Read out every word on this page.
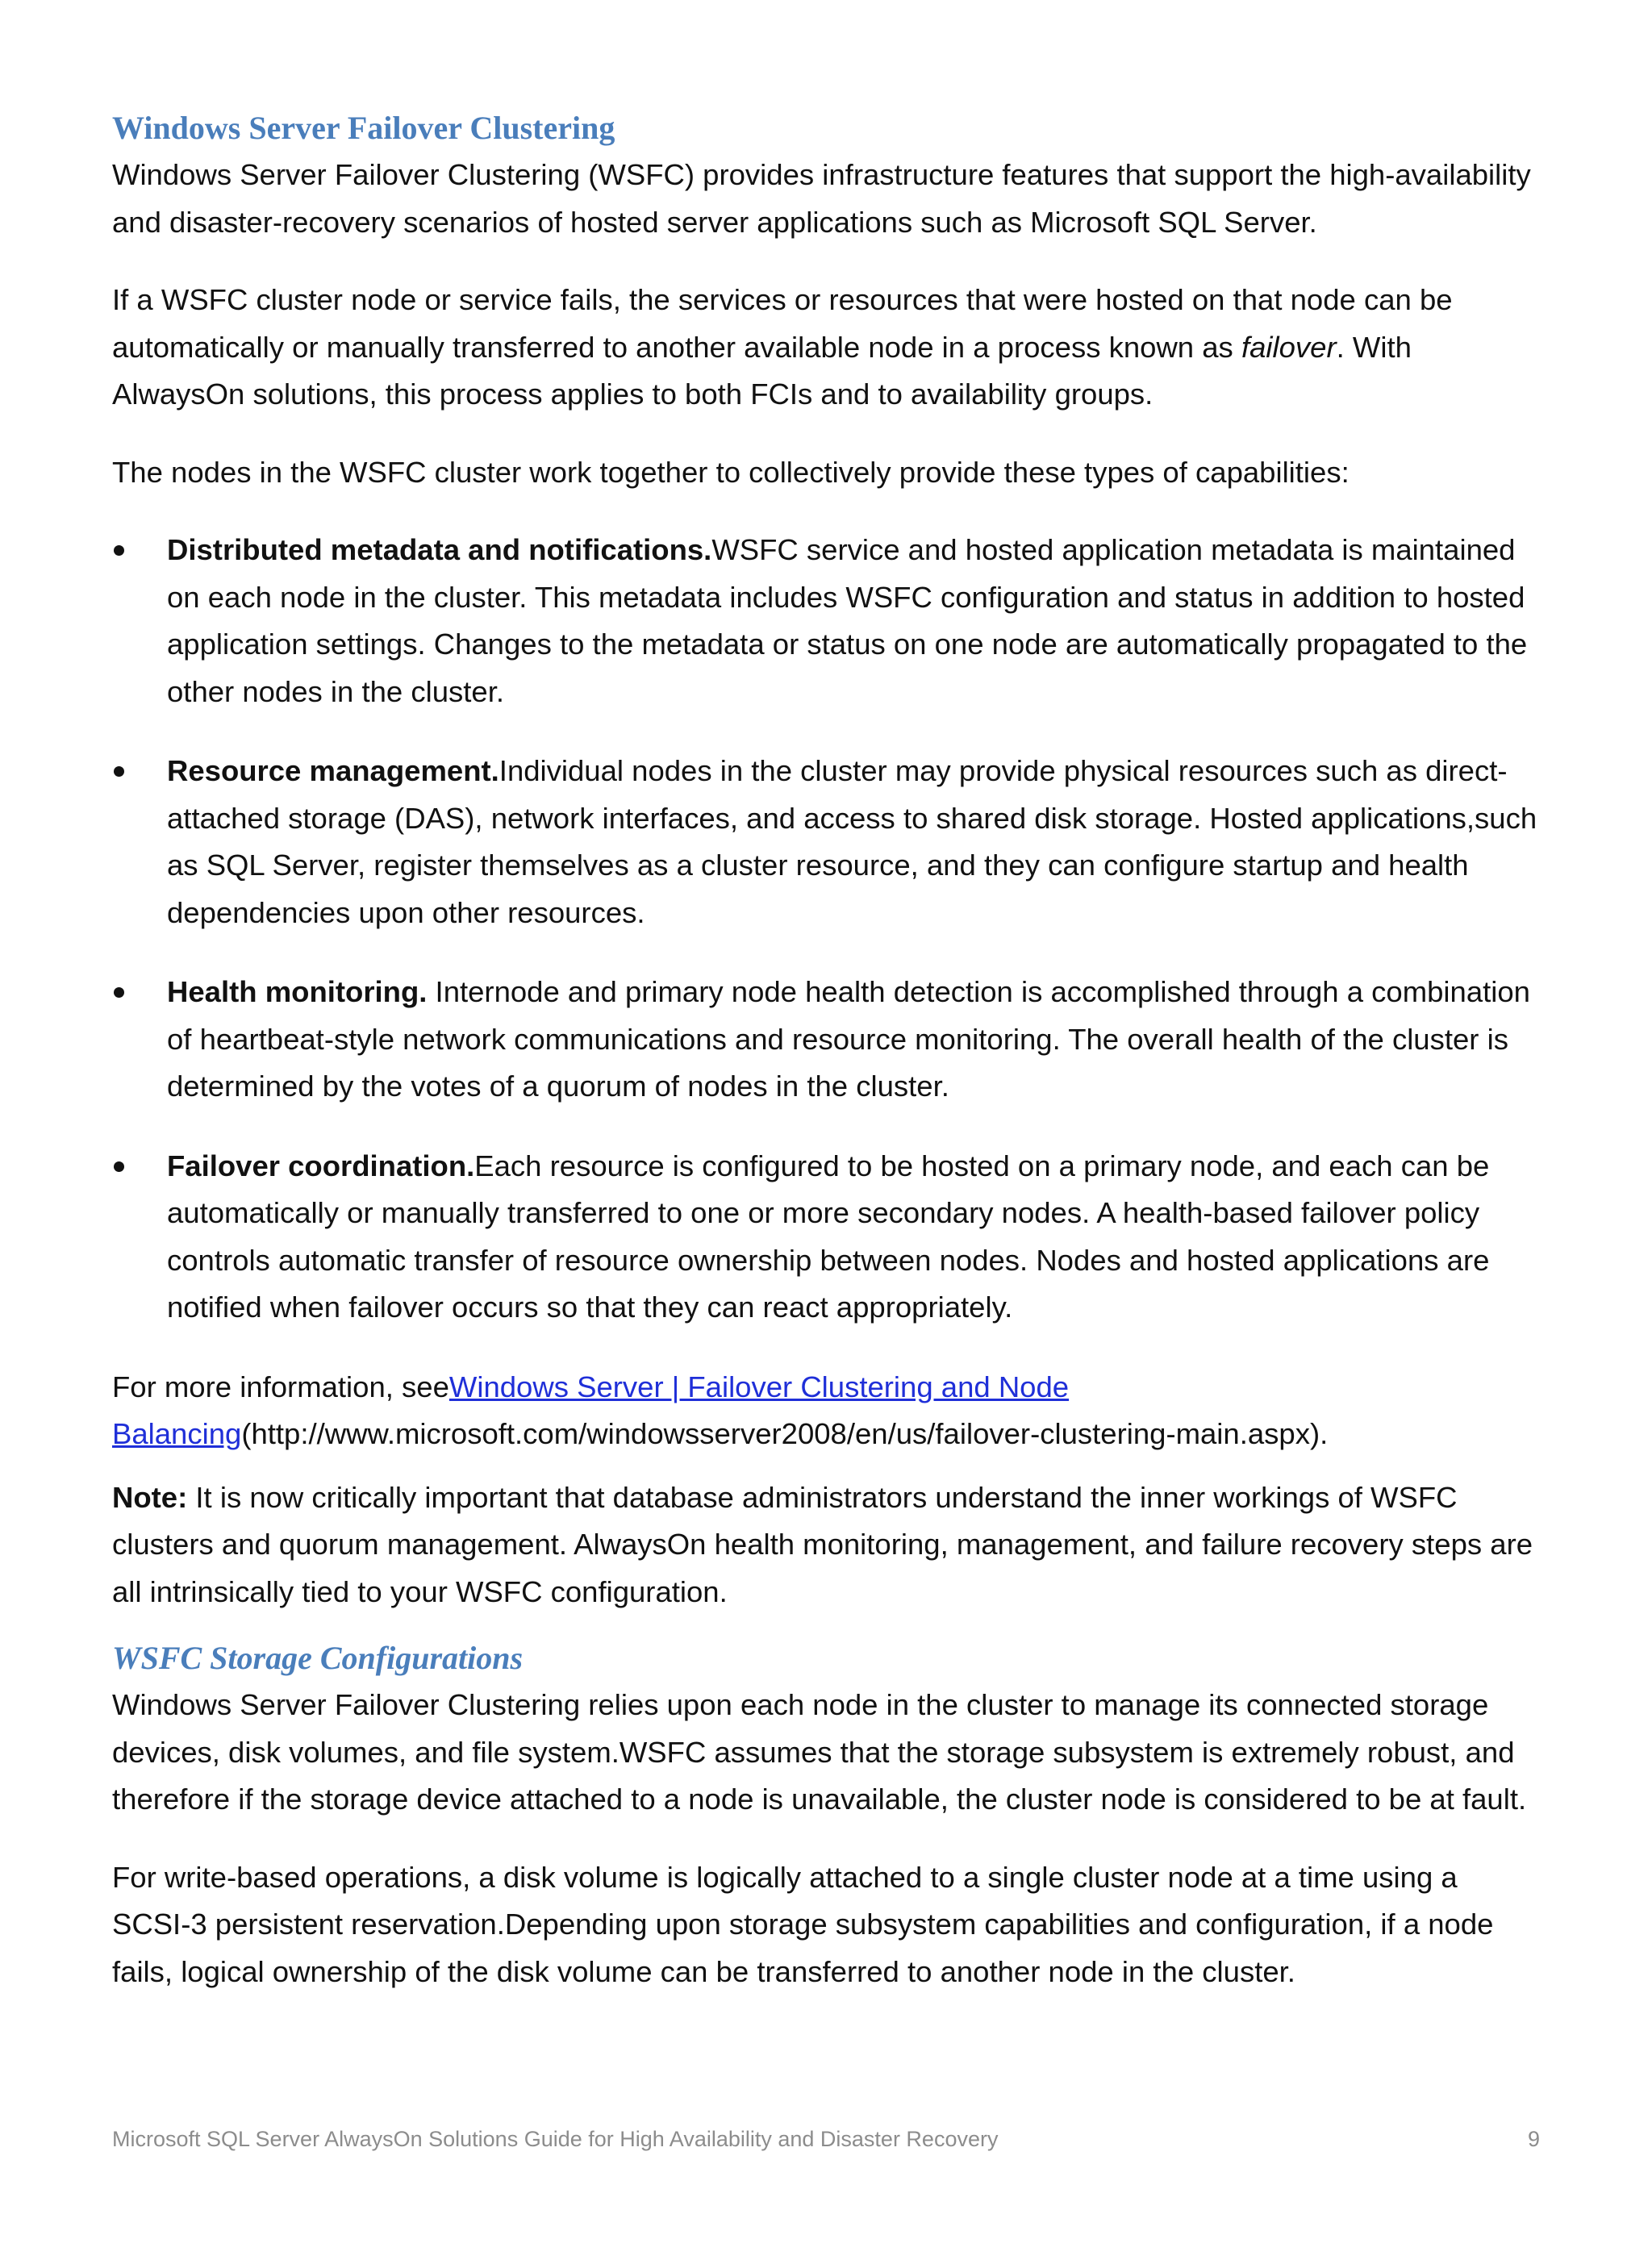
Windows Server Failover Clustering

Windows Server Failover Clustering (WSFC) provides infrastructure features that support the high-availability and disaster-recovery scenarios of hosted server applications such as Microsoft SQL Server.

If a WSFC cluster node or service fails, the services or resources that were hosted on that node can be automatically or manually transferred to another available node in a process known as failover. With AlwaysOn solutions, this process applies to both FCIs and to availability groups.

The nodes in the WSFC cluster work together to collectively provide these types of capabilities:

Distributed metadata and notifications.WSFC service and hosted application metadata is maintained on each node in the cluster. This metadata includes WSFC configuration and status in addition to hosted application settings. Changes to the metadata or status on one node are automatically propagated to the other nodes in the cluster.
Resource management.Individual nodes in the cluster may provide physical resources such as direct-attached storage (DAS), network interfaces, and access to shared disk storage. Hosted applications,such as SQL Server, register themselves as a cluster resource, and they can configure startup and health dependencies upon other resources.
Health monitoring. Internode and primary node health detection is accomplished through a combination of heartbeat-style network communications and resource monitoring. The overall health of the cluster is determined by the votes of a quorum of nodes in the cluster.
Failover coordination.Each resource is configured to be hosted on a primary node, and each can be automatically or manually transferred to one or more secondary nodes. A health-based failover policy controls automatic transfer of resource ownership between nodes. Nodes and hosted applications are notified when failover occurs so that they can react appropriately.

For more information, seeWindows Server | Failover Clustering and Node Balancing(http://www.microsoft.com/windowsserver2008/en/us/failover-clustering-main.aspx).

Note: It is now critically important that database administrators understand the inner workings of WSFC clusters and quorum management. AlwaysOn health monitoring, management, and failure recovery steps are all intrinsically tied to your WSFC configuration.

WSFC Storage Configurations

Windows Server Failover Clustering relies upon each node in the cluster to manage its connected storage devices, disk volumes, and file system.WSFC assumes that the storage subsystem is extremely robust, and therefore if the storage device attached to a node is unavailable, the cluster node is considered to be at fault.

For write-based operations, a disk volume is logically attached to a single cluster node at a time using a SCSI-3 persistent reservation.Depending upon storage subsystem capabilities and configuration, if a node fails, logical ownership of the disk volume can be transferred to another node in the cluster.

Microsoft SQL Server AlwaysOn Solutions Guide for High Availability and Disaster Recovery	9
